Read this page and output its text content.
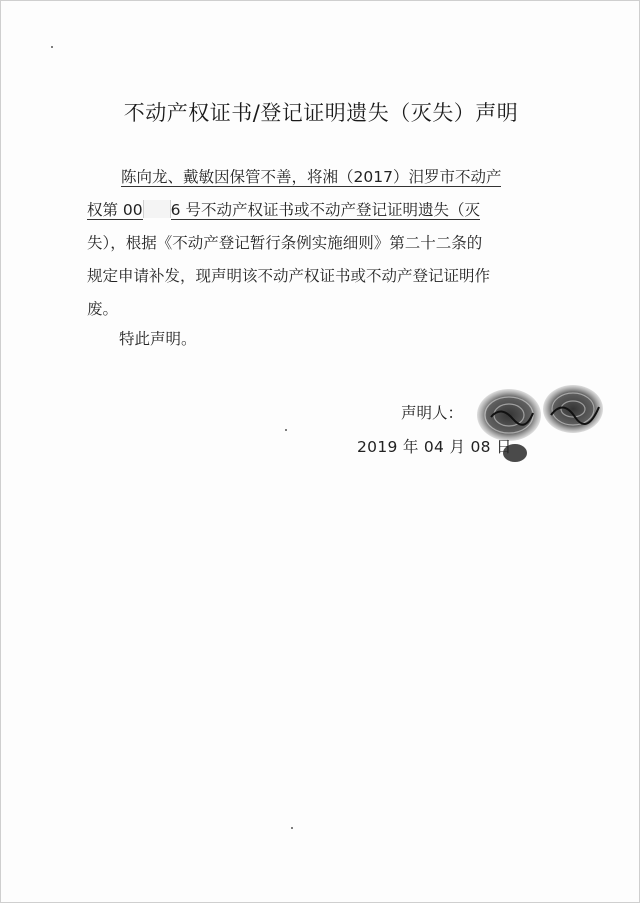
不动产权证书/登记证明遗失（灭失）声明
陈向龙、戴敏因保管不善，将湘（2017）汨罗市不动产
权第 00 6 号不动产权证书或不动产登记证明遗失（灭
失），根据《不动产登记暂行条例实施细则》第二十二条的
规定申请补发，现声明该不动产权证书或不动产登记证明作
废。
特此声明。
声明人：
2019 年 04 月 08 日
